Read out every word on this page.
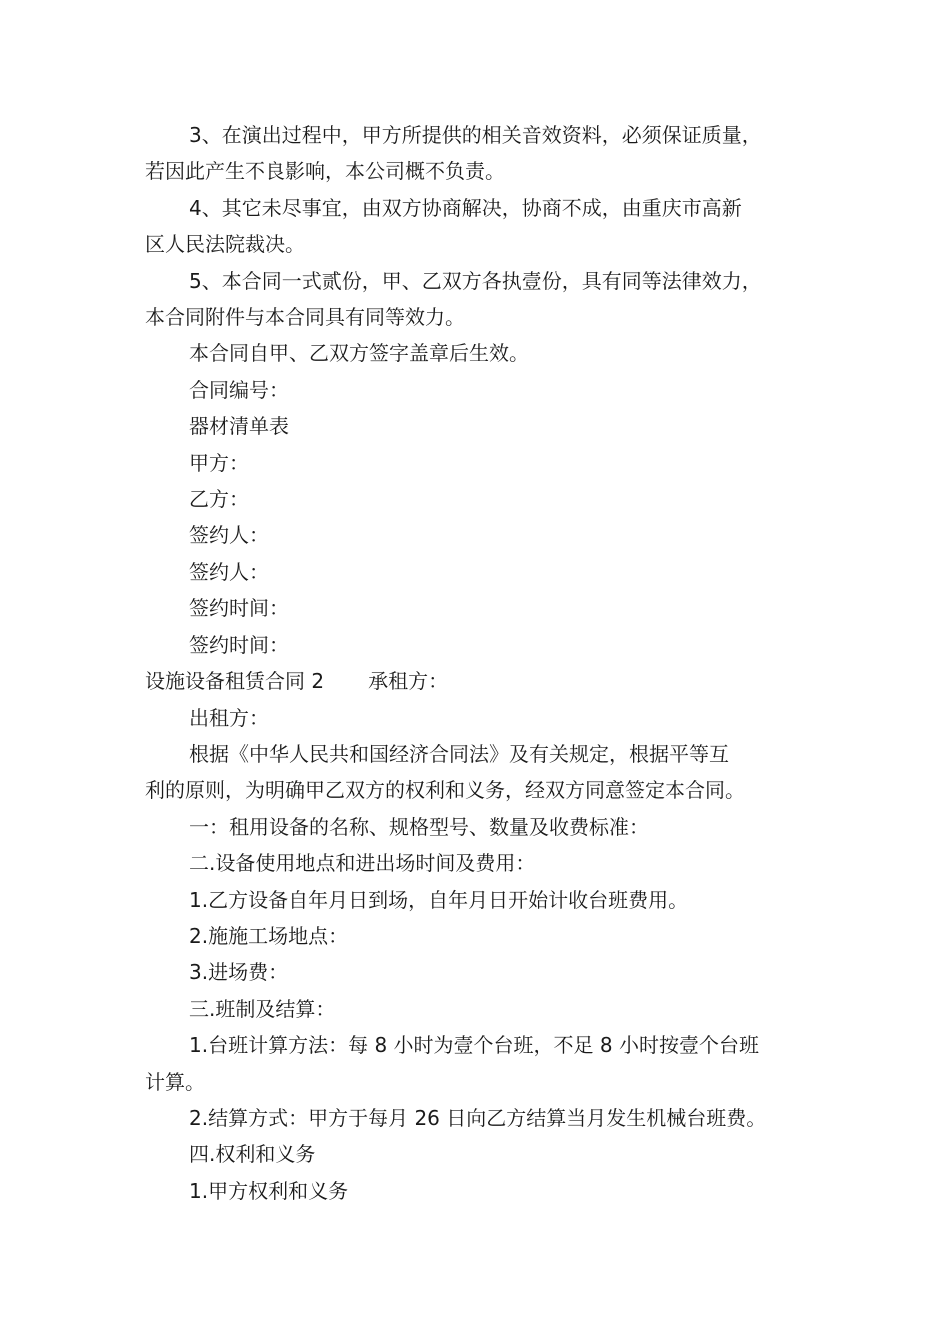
3、在演出过程中，甲方所提供的相关音效资料，必须保证质量，

若因此产生不良影响，本公司概不负责。

4、其它未尽事宜，由双方协商解决，协商不成，由重庆市高新

区人民法院裁决。

5、本合同一式贰份，甲、乙双方各执壹份，具有同等法律效力，

本合同附件与本合同具有同等效力。

本合同自甲、乙双方签字盖章后生效。

合同编号：

器材清单表

甲方：

乙方：

签约人：

签约人：

签约时间：

签约时间：

设施设备租赁合同 2 承租方：

出租方：

根据《中华人民共和国经济合同法》及有关规定，根据平等互

利的原则，为明确甲乙双方的权利和义务，经双方同意签定本合同。

一：租用设备的名称、规格型号、数量及收费标准：

二.设备使用地点和进出场时间及费用：

1.乙方设备自年月日到场，自年月日开始计收台班费用。

2.施施工场地点：

3.进场费：

三.班制及结算：

1.台班计算方法：每 8 小时为壹个台班，不足 8 小时按壹个台班

计算。

2.结算方式：甲方于每月 26 日向乙方结算当月发生机械台班费。

四.权利和义务

1.甲方权利和义务
